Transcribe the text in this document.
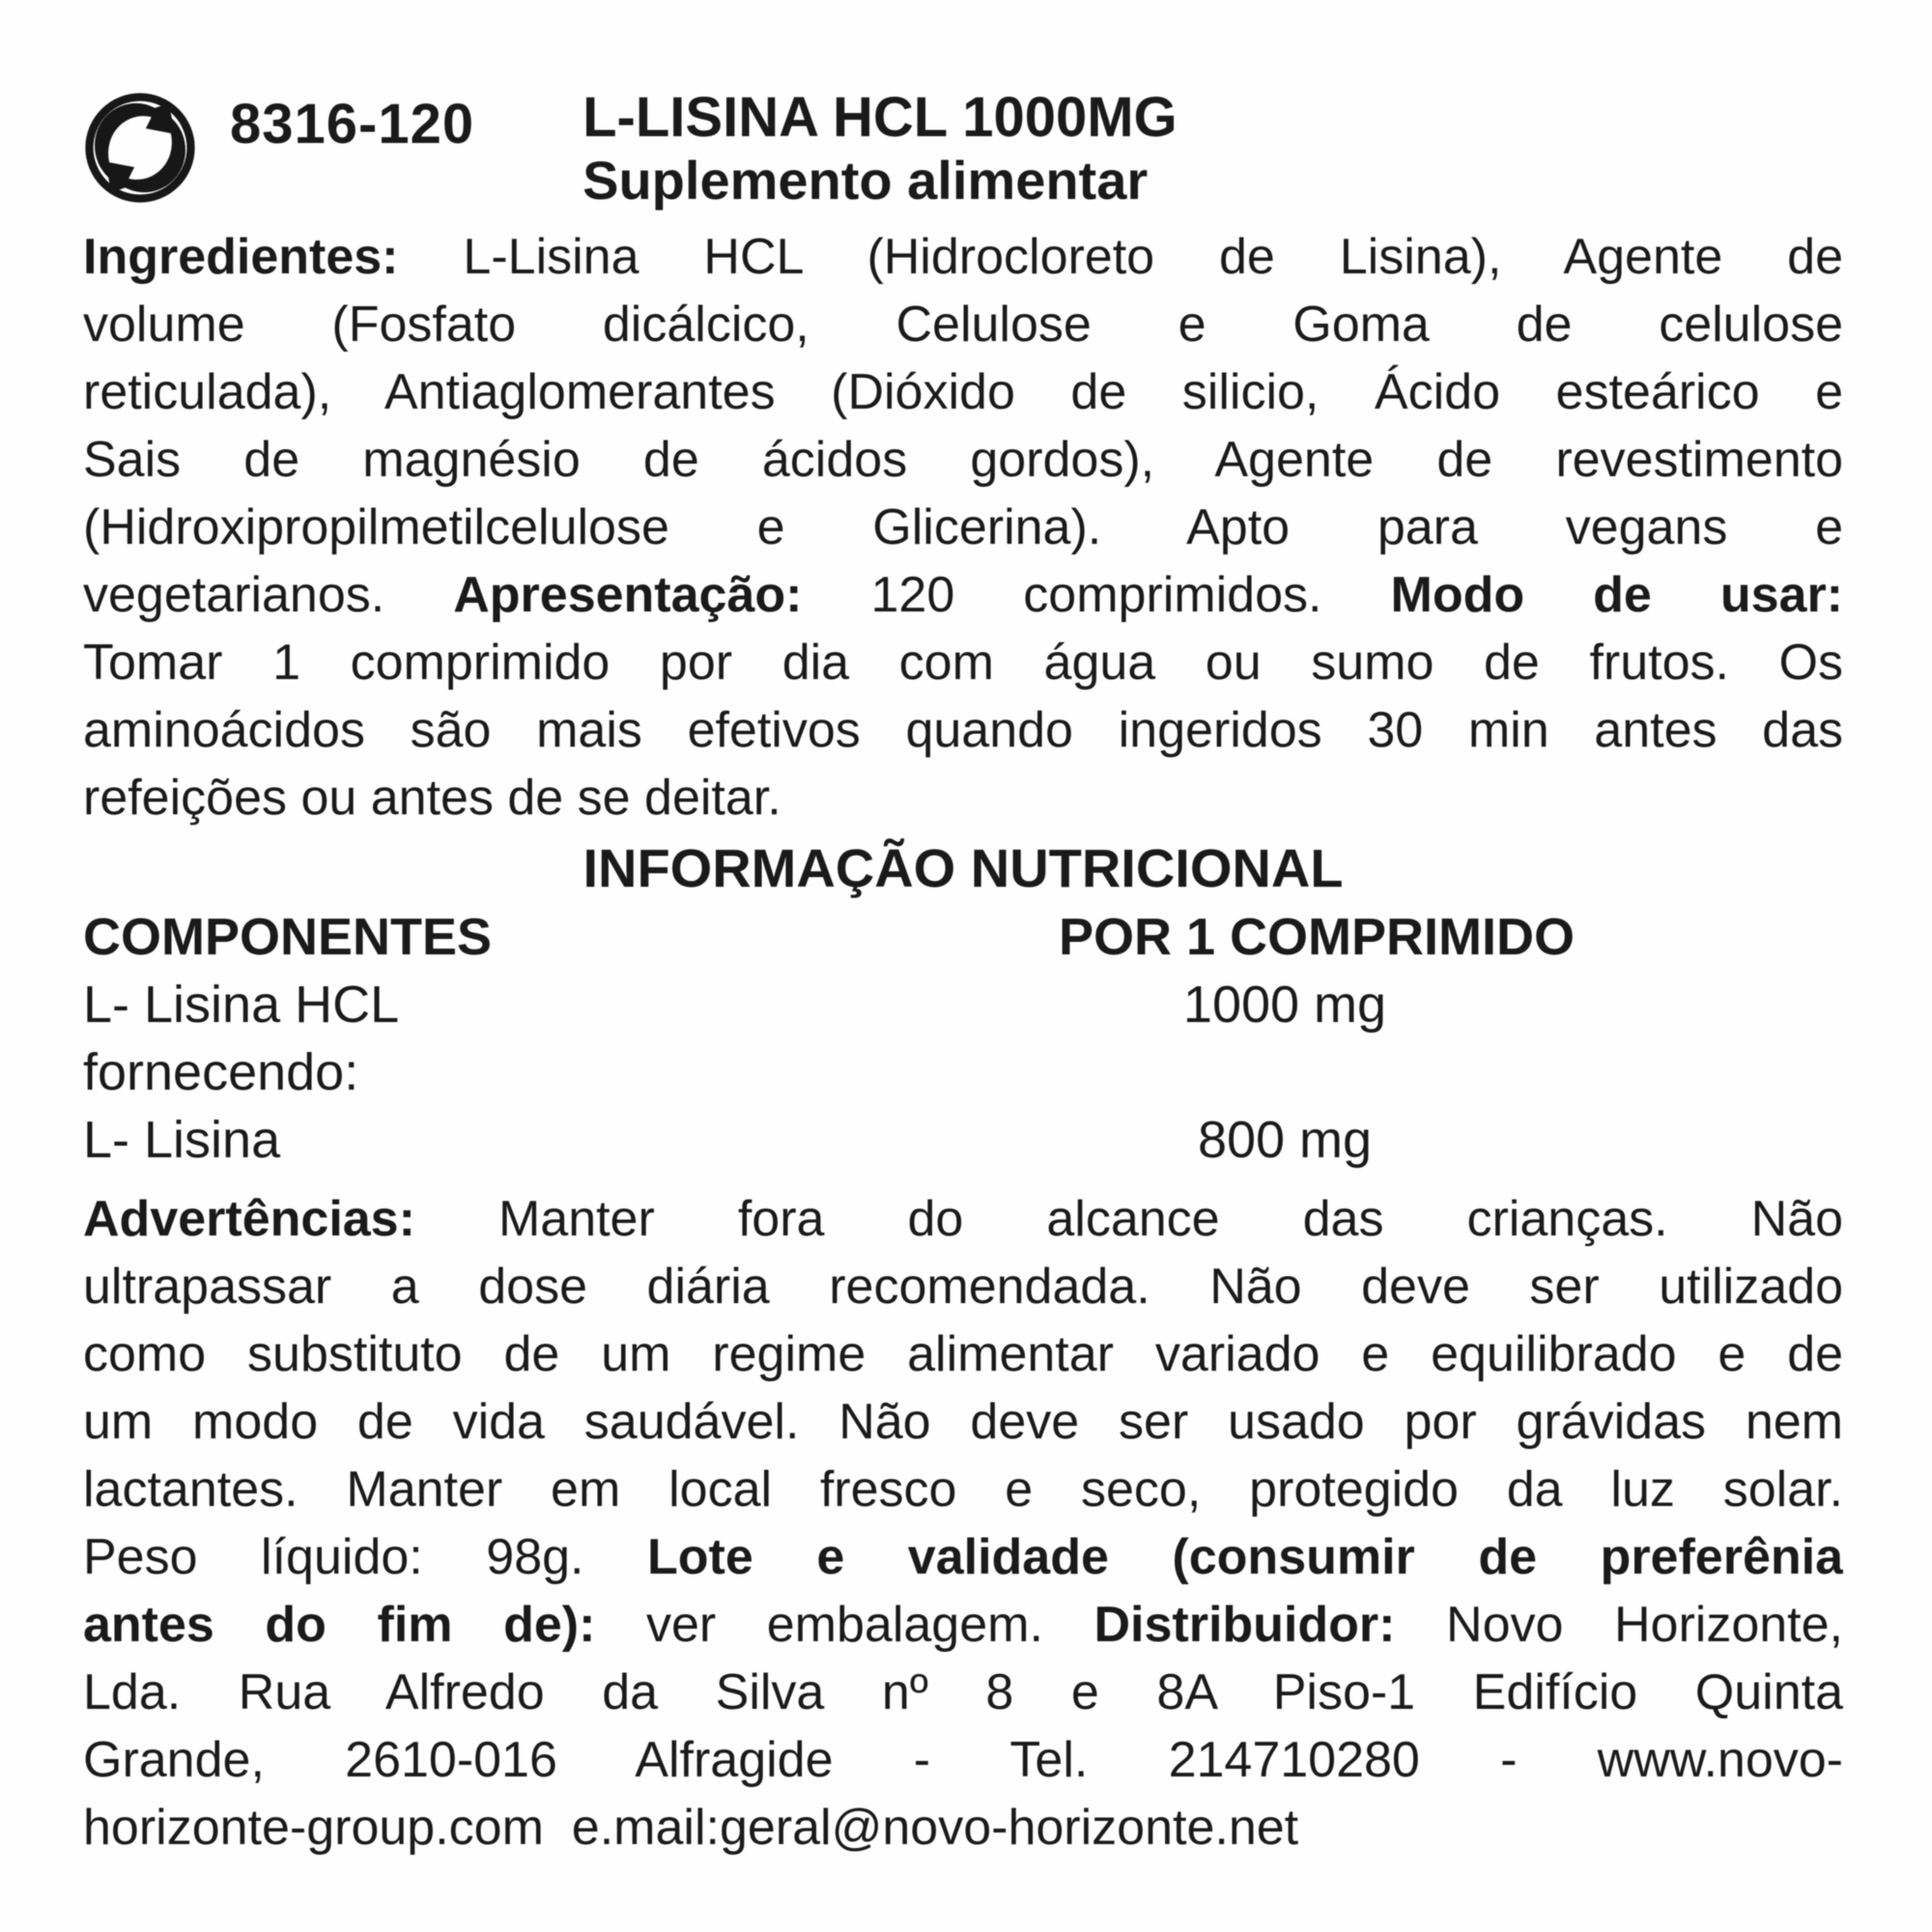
8316-120 L-LISINA HCL 1000MG
Suplemento alimentar
Ingredientes: L-Lisina HCL (Hidrocloreto de Lisina), Agente de
volume (Fosfato dicálcico, Celulose e Goma de celulose
reticulada), Antiaglomerantes (Dióxido de silicio, Ácido esteárico e
Sais de magnésio de ácidos gordos), Agente de revestimento
(Hidroxipropilmetilcelulose e Glicerina). Apto para vegans e
vegetarianos. Apresentação: 120 comprimidos. Modo de usar:
Tomar 1 comprimido por dia com água ou sumo de frutos. Os
aminoácidos são mais efetivos quando ingeridos 30 min antes das
refeições ou antes de se deitar.
INFORMAÇÃO NUTRICIONAL
COMPONENTES	POR 1 COMPRIMIDO
L- Lisina HCL	1000 mg
fornecendo:
L- Lisina	800 mg
Advertências: Manter fora do alcance das crianças. Não
ultrapassar a dose diária recomendada. Não deve ser utilizado
como substituto de um regime alimentar variado e equilibrado e de
um modo de vida saudável. Não deve ser usado por grávidas nem
lactantes. Manter em local fresco e seco, protegido da luz solar.
Peso líquido: 98g. Lote e validade (consumir de preferênia
antes do fim de): ver embalagem. Distribuidor: Novo Horizonte,
Lda. Rua Alfredo da Silva nº 8 e 8A Piso-1 Edifício Quinta
Grande, 2610-016 Alfragide - Tel. 214710280 - www.novo-
horizonte-group.com  e.mail:geral@novo-horizonte.net
